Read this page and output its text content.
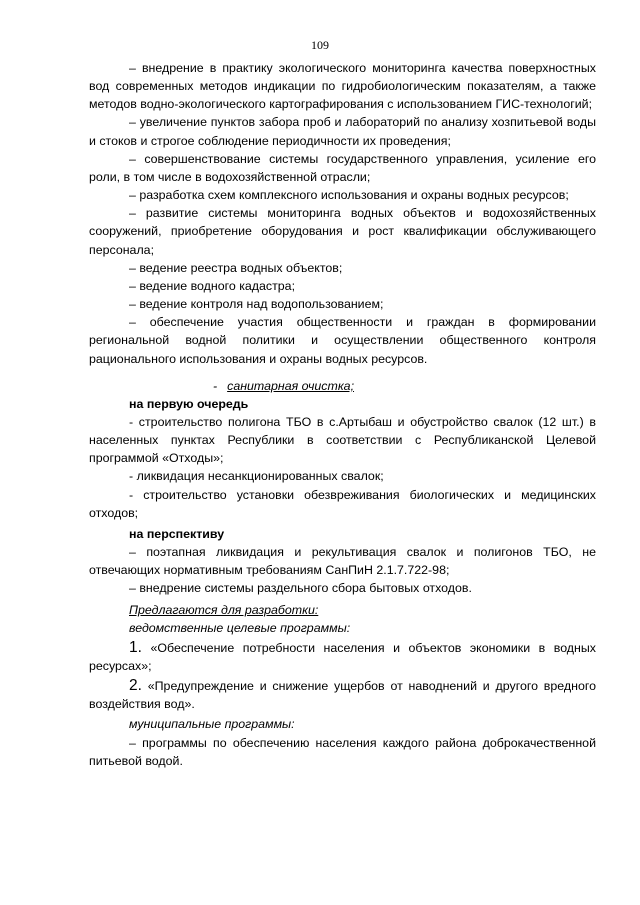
109

– внедрение в практику экологического мониторинга качества поверхностных вод современных методов индикации по гидробиологическим показателям, а также методов водно-экологического картографирования с использованием ГИС-технологий;

– увеличение пунктов забора проб и лабораторий по анализу хозпитьевой воды и стоков и строгое соблюдение периодичности их проведения;

– совершенствование системы государственного управления, усиление его роли, в том числе в водохозяйственной отрасли;

– разработка схем комплексного использования и охраны водных ресурсов;

– развитие системы мониторинга водных объектов и водохозяйственных сооружений, приобретение оборудования и рост квалификации обслуживающего персонала;

– ведение реестра водных объектов;

– ведение водного кадастра;

– ведение контроля над водопользованием;

– обеспечение участия общественности и граждан в формировании региональной водной политики и осуществлении общественного контроля рационального использования и охраны водных ресурсов.

- санитарная очистка;

на первую очередь

- строительство полигона ТБО в с.Артыбаш и обустройство свалок (12 шт.) в населенных пунктах Республики в соответствии с Республиканской Целевой программой «Отходы»;

- ликвидация несанкционированных свалок;

- строительство установки обезвреживания биологических и медицинских отходов;

на перспективу

– поэтапная ликвидация и рекультивация свалок и полигонов ТБО, не отвечающих нормативным требованиям СанПиН 2.1.7.722-98;

– внедрение системы раздельного сбора бытовых отходов.

Предлагаются для разработки:

ведомственные целевые программы:

1. «Обеспечение потребности населения и объектов экономики в водных ресурсах»;

2. «Предупреждение и снижение ущербов от наводнений и другого вредного воздействия вод».

муниципальные программы:

– программы по обеспечению населения каждого района доброкачественной питьевой водой.
